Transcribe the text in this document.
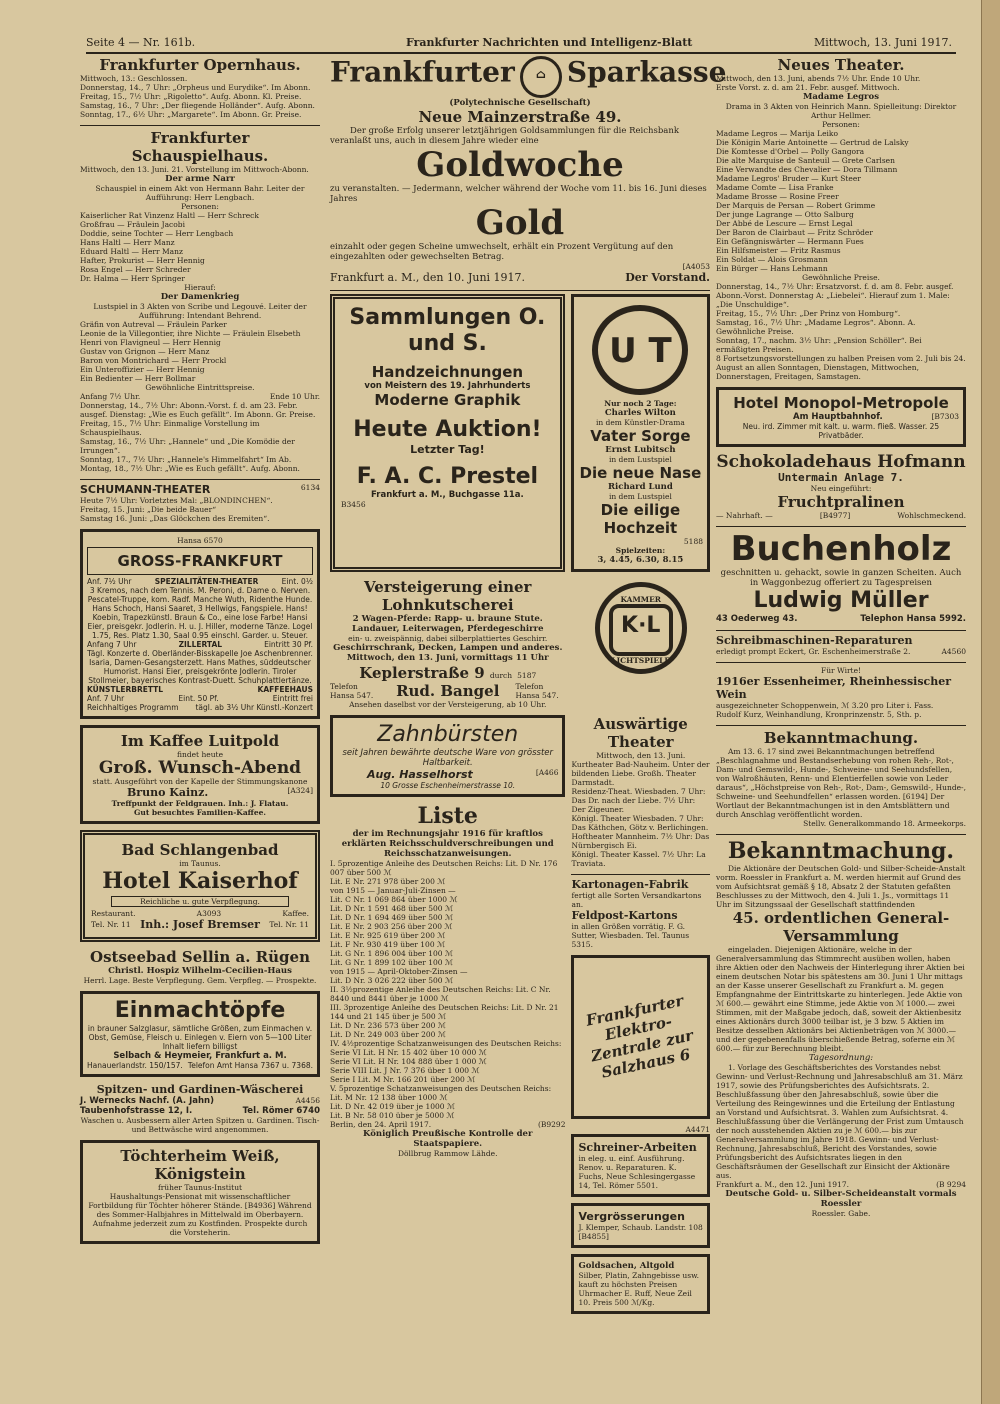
Seite 4 — Nr. 161b.	Frankfurter Nachrichten und Intelligenz-Blatt	Mittwoch, 13. Juni 1917.
Frankfurter Opernhaus.
Mittwoch, 13.: Geschlossen.
Donnerstag, 14., 7 Uhr: „Orpheus und Eurydike“. Im Abonn.
Freitag, 15., 7½ Uhr: „Rigoletto“. Aufg. Abonn. Kl. Preise.
Samstag, 16., 7 Uhr: „Der fliegende Holländer“. Aufg. Abonn.
Sonntag, 17., 6½ Uhr: „Margarete“. Im Abonn. Gr. Preise.
Frankfurter Schauspielhaus.
Mittwoch, den 13. Juni. 21. Vorstellung im Mittwoch-Abonn.
Der arme Narr
Schauspiel in einem Akt von Hermann Bahr. Leiter der Aufführung: Herr Lengbach.
Personen:
Kaiserlicher Rat Vinzenz Haltl — Herr Schreck
Großfrau — Fräulein Jacobi
Doddie, seine Tochter — Herr Lengbach
Hans Haltl — Herr Manz
Eduard Haltl — Herr Manz
Hafter, Prokurist — Herr Hennig
Rosa Engel — Herr Schreder
Dr. Halma — Herr Springer
Hierauf:
Der Damenkrieg
Lustspiel in 3 Akten von Scribe und Legouvé. Leiter der Aufführung: Intendant Behrend.
Gräfin von Autreval — Fräulein Parker
Leonie de la Villegontier, ihre Nichte — Fräulein Elsebeth
Henri von Flavigneul — Herr Hennig
Gustav von Grignon — Herr Manz
Baron von Montrichard — Herr Prockl
Ein Unteroffizier — Herr Hennig
Ein Bedienter — Herr Bollmar
Gewöhnliche Eintrittspreise.
Anfang 7½ Uhr.	Ende 10 Uhr.
Donnerstag, 14., 7½ Uhr: Abonn.-Vorst. f. d. am 23. Febr. ausgef. Dienstag: „Wie es Euch gefällt“. Im Abonn. Gr. Preise.
Freitag, 15., 7½ Uhr: Einmalige Vorstellung im Schauspielhaus.
Samstag, 16., 7½ Uhr: „Hannele“ und „Die Komödie der Irrungen“.
Sonntag, 17., 7½ Uhr: „Hannele's Himmelfahrt“ Im Ab.
Montag, 18., 7½ Uhr: „Wie es Euch gefällt“. Aufg. Abonn.
SCHUMANN-THEATER	6134
Heute 7½ Uhr: Vorletztes Mal: „BLONDINCHEN“.
Freitag, 15. Juni: „Die beide Bauer“
Samstag 16. Juni: „Das Glöckchen des Eremiten“.
Hansa 6570
GROSS-FRANKFURT
Anf. 7½ Uhr	SPEZIALITÄTEN-THEATER	Eint. 0½
3 Kremos, nach dem Tennis. M. Peroni, d. Dame o. Nerven. Pescatel-Truppe, kom. Radf. Manche Wuth, Ridenthe Hunde. Hans Schoch, Hansi Saaret, 3 Hellwigs, Fangspiele. Hans! Koebin, Trapezkünstl. Braun & Co., eine lose Farbe! Hansi Eier, preisgekr. Jodlerin. H. u. J. Hiller, moderne Tänze. Logel 1.75, Res. Platz 1.30, Saal 0.95 einschl. Garder. u. Steuer.
Anfang 7 Uhr	ZILLERTAL	Eintritt 30 Pf.
Tägl. Konzerte d. Oberländer-Bisskapelle Joe Aschenbrenner. Isaria, Damen-Gesangsterzett. Hans Mathes, süddeutscher Humorist. Hansi Eier, preisgekrönte Jodlerin. Tiroler Stollmeier, bayerisches Kontrast-Duett. Schuhplattlertänze.
KÜNSTLERBRETTL	KAFFEEHAUS
Anf. 7 Uhr	Eint. 50 Pf.	Eintritt frei
Reichhaltiges Programm tägl. ab 3½ Uhr Künstl.-Konzert
Im Kaffee Luitpold
findet heute
Groß. Wunsch-Abend
statt. Ausgeführt von der Kapelle der Stimmungskanone
Bruno Kainz.	[A324]
Treffpunkt der Feldgrauen. Inh.: J. Flatau.
Gut besuchtes Familien-Kaffee.
Bad Schlangenbad
im Taunus.
Hotel Kaiserhof
Reichliche u. gute Verpflegung.
Restaurant.	A3093	Kaffee.
Tel. Nr. 11 Inh.: Josef Bremser Tel. Nr. 11
Ostseebad Sellin a. Rügen
Christl. Hospiz Wilhelm-Cecilien-Haus
Herrl. Lage. Beste Verpflegung. Gem. Verpfleg. — Prospekte.
Einmachtöpfe
in brauner Salzglasur, sämtliche Größen, zum Einmachen v. Obst, Gemüse, Fleisch u. Einlegen v. Eiern von 5—100 Liter Inhalt liefern billigst
Selbach & Heymeier, Frankfurt a. M.
Hanauerlandstr. 150/157. Telefon Amt Hansa 7367 u. 7368.
Spitzen- und Gardinen-Wäscherei
J. Wernecks Nachf. (A. Jahn)	A4456
Taubenhofstrasse 12, I.	Tel. Römer 6740
Waschen u. Ausbessern aller Arten Spitzen u. Gardinen. Tisch- und Bettwäsche wird angenommen.
Töchterheim Weiß, Königstein
früher Taunus-Institut
Haushaltungs-Pensionat mit wissenschaftlicher Fortbildung für Töchter höherer Stände. [B4936] Während des Sommer-Halbjahres in Mittelwald im Oberbayern.
Aufnahme jederzeit zum zu Kostfinden. Prospekte durch die Vorsteherin.
Frankfurter ⌂ Sparkasse
(Polytechnische Gesellschaft)
Neue Mainzerstraße 49.
Der große Erfolg unserer letztjährigen Goldsammlungen für die Reichsbank veranlaßt uns, auch in diesem Jahre wieder eine
Goldwoche
zu veranstalten. — Jedermann, welcher während der Woche vom 11. bis 16. Juni dieses Jahres
Gold
einzahlt oder gegen Scheine umwechselt, erhält ein Prozent Vergütung auf den eingezahlten oder gewechselten Betrag.
[A4053
Frankfurt a. M., den 10. Juni 1917.	Der Vorstand.
Sammlungen O. und S.
Handzeichnungen
von Meistern des 19. Jahrhunderts
Moderne Graphik
Heute Auktion!
Letzter Tag!
F. A. C. Prestel
Frankfurt a. M., Buchgasse 11a.
B3456
U T
Nur noch 2 Tage:
Charles Wilton
in dem Künstler-Drama
Vater Sorge
Ernst Lubitsch
in dem Lustspiel
Die neue Nase
Richard Lund
in dem Lustspiel
Die eilige Hochzeit
5188
Spielzeiten:
3, 4.45, 6.30, 8.15
Versteigerung einer Lohnkutscherei
2 Wagen-Pferde: Rapp- u. braune Stute.
Landauer, Leiterwagen, Pferdegeschirre
ein- u. zweispännig, dabei silberplattiertes Geschirr.
Geschirrschrank, Decken, Lampen und anderes.
Mittwoch, den 13. Juni, vormittags 11 Uhr
Keplerstraße 9 durch 5187
Telefon Hansa 547.	Rud. Bangel Telefon Hansa 547.
Ansehen daselbst vor der Versteigerung, ab 10 Uhr.
KAMMER
K·L
LICHTSPIELE
Zahnbürsten
seit Jahren bewährte deutsche Ware von grösster Haltbarkeit.
Aug. Hasselhorst	[A466
10 Grosse Eschenheimerstrasse 10.
Liste
der im Rechnungsjahr 1916 für kraftlos erklärten Reichsschuldverschreibungen und Reichsschatzanweisungen.
I. 5prozentige Anleihe des Deutschen Reichs: Lit. D Nr. 176 007 über 500 ℳ
Lit. E Nr. 271 978 über 200 ℳ
von 1915 — Januar-Juli-Zinsen —
Lit. C Nr. 1 069 864 über 1000 ℳ
Lit. D Nr. 1 591 468 über 500 ℳ
Lit. D Nr. 1 694 469 über 500 ℳ
Lit. E Nr. 2 903 256 über 200 ℳ
Lit. E Nr. 925 619 über 200 ℳ
Lit. F Nr. 930 419 über 100 ℳ
Lit. G Nr. 1 896 004 über 100 ℳ
Lit. G Nr. 1 899 102 über 100 ℳ
von 1915 — April-Oktober-Zinsen —
Lit. D Nr. 3 026 222 über 500 ℳ
II. 3½prozentige Anleihe des Deutschen Reichs: Lit. C Nr. 8440 und 8441 über je 1000 ℳ
III. 3prozentige Anleihe des Deutschen Reichs: Lit. D Nr. 21 144 und 21 145 über je 500 ℳ
Lit. D Nr. 236 573 über 200 ℳ
Lit. D Nr. 249 003 über 200 ℳ
IV. 4½prozentige Schatzanweisungen des Deutschen Reichs: Serie VI Lit. H Nr. 15 402 über 10 000 ℳ
Serie VI Lit. H Nr. 104 888 über 1 000 ℳ
Serie VIII Lit. J Nr. 7 376 über 1 000 ℳ
Serie I Lit. M Nr. 166 201 über 200 ℳ
V. 5prozentige Schatzanweisungen des Deutschen Reichs: Lit. M Nr. 12 138 über 1000 ℳ
Lit. D Nr. 42 019 über je 1000 ℳ
Lit. B Nr. 58 010 über je 5000 ℳ
Berlin, den 24. April 1917.	(B9292
Königlich Preußische Kontrolle der Staatspapiere.
Döllbrug Rammow Lähde.
Auswärtige Theater
Mittwoch, den 13. Juni.
Kurtheater Bad-Nauheim. Unter der bildenden Liebe. Großh. Theater Darmstadt.
Residenz-Theat. Wiesbaden. 7 Uhr: Das Dr. nach der Liebe. 7½ Uhr: Der Zigeuner.
Königl. Theater Wiesbaden. 7 Uhr: Das Käthchen, Götz v. Berlichingen.
Hoftheater Mannheim. 7½ Uhr: Das Nürnbergisch Ei.
Königl. Theater Kassel. 7½ Uhr: La Traviata.
Kartonagen-Fabrik
fertigt alle Sorten Versandkartons an.
Feldpost-Kartons
in allen Größen vorrätig. F. G. Sutter, Wiesbaden. Tel. Taunus 5315.
Frankfurter Elektro-Zentrale zur Salzhaus 6
A4471
Schreiner-Arbeiten
in eleg. u. einf. Ausführung. Renov. u. Reparaturen. K. Fuchs, Neue Schlesingergasse 14, Tel. Römer 5501.
Vergrösserungen
J. Klemper, Schaub. Landstr. 108 [B4855]
Goldsachen, Altgold
Silber, Platin, Zahngebisse usw. kauft zu höchsten Preisen Uhrmacher E. Ruff, Neue Zeil 10. Preis 500 ℳ/Kg.
Neues Theater.
Mittwoch, den 13. Juni, abends 7½ Uhr. Ende 10 Uhr.
Erste Vorst. z. d. am 21. Febr. ausgef. Mittwoch.
Madame Legros
Drama in 3 Akten von Heinrich Mann. Spielleitung: Direktor Arthur Hellmer.
Personen:
Madame Legros — Marija Leiko
Die Königin Marie Antoinette — Gertrud de Lalsky
Die Komtesse d'Orbel — Polly Gangora
Die alte Marquise de Santeuil — Grete Carlsen
Eine Verwandte des Chevalier — Dora Tillmann
Madame Legros' Bruder — Kurt Steer
Madame Comte — Lisa Franke
Madame Brosse — Rosine Freer
Der Marquis de Persan — Robert Grimme
Der junge Lagrange — Otto Salburg
Der Abbé de Lescure — Ernst Legal
Der Baron de Clairbaut — Fritz Schröder
Ein Gefängniswärter — Hermann Fues
Ein Hilfsmeister — Fritz Rasmus
Ein Soldat — Alois Grosmann
Ein Bürger — Hans Lehmann
Gewöhnliche Preise.
Donnerstag, 14., 7½ Uhr: Ersatzvorst. f. d. am 8. Febr. ausgef. Abonn.-Vorst. Donnerstag A: „Liebelei“. Hierauf zum 1. Male: „Die Unschuldige“.
Freitag, 15., 7½ Uhr: „Der Prinz von Homburg“.
Samstag, 16., 7½ Uhr: „Madame Legros“. Abonn. A. Gewöhnliche Preise.
Sonntag, 17., nachm. 3½ Uhr: „Pension Schöller“. Bei ermäßigten Preisen.
8 Fortsetzungsvorstellungen zu halben Preisen vom 2. Juli bis 24. August an allen Sonntagen, Dienstagen, Mittwochen, Donnerstagen, Freitagen, Samstagen.
Hotel Monopol-Metropole
Am Hauptbahnhof.	[B7303
Neu. ird. Zimmer mit kalt. u. warm. fließ. Wasser. 25 Privatbäder.
Schokoladehaus Hofmann
Untermain Anlage 7.
Neu eingeführt:
Fruchtpralinen
— Nahrhaft. —	[B4977]	Wohlschmeckend.
Buchenholz
geschnitten u. gehackt, sowie in ganzen Scheiten. Auch in Waggonbezug offeriert zu Tagespreisen
Ludwig Müller
43 Oederweg 43.	Telephon Hansa 5992.
Schreibmaschinen-Reparaturen
erledigt prompt Eckert, Gr. Eschenheimerstraße 2.	A4560
Für Wirte!
1916er Essenheimer, Rheinhessischer Wein
ausgezeichneter Schoppenwein, ℳ 3.20 pro Liter i. Fass.
Rudolf Kurz, Weinhandlung, Kronprinzenstr. 5, Sth. p.
Bekanntmachung.
Am 13. 6. 17 sind zwei Bekanntmachungen betreffend „Beschlagnahme und Bestandserhebung von rohen Reh-, Rot-, Dam- und Gemswild-, Hunde-, Schweine- und Seehundsfellen, von Walroßhäuten, Renn- und Elentierfellen sowie von Leder daraus“, „Höchstpreise von Reh-, Rot-, Dam-, Gemswild-, Hunde-, Schweine- und Seehundfellen“ erlassen worden. [6194] Der Wortlaut der Bekanntmachungen ist in den Amtsblättern und durch Anschlag veröffentlicht worden.
Stellv. Generalkommando 18. Armeekorps.
Bekanntmachung.
Die Aktionäre der Deutschen Gold- und Silber-Scheide-Anstalt vorm. Roessler in Frankfurt a. M. werden hiermit auf Grund des vom Aufsichtsrat gemäß § 18, Absatz 2 der Statuten gefaßten Beschlusses zu der Mittwoch, den 4. Juli 1. Js., vormittags 11 Uhr im Sitzungssaal der Gesellschaft stattfindenden
45. ordentlichen General-Versammlung
eingeladen. Diejenigen Aktionäre, welche in der Generalversammlung das Stimmrecht ausüben wollen, haben ihre Aktien oder den Nachweis der Hinterlegung ihrer Aktien bei einem deutschen Notar bis spätestens am 30. Juni 1 Uhr mittags an der Kasse unserer Gesellschaft zu Frankfurt a. M. gegen Empfangnahme der Eintrittskarte zu hinterlegen. Jede Aktie von ℳ 600.— gewährt eine Stimme, jede Aktie von ℳ 1000.— zwei Stimmen, mit der Maßgabe jedoch, daß, soweit der Aktienbesitz eines Aktionärs durch 3000 teilbar ist, je 3 bzw. 5 Aktien im Besitze desselben Aktionärs bei Aktienbeträgen von ℳ 3000.— und der gegebenenfalls überschießende Betrag, soferne ein ℳ 600.— für zur Berechnung bleibt.
Tagesordnung:
1. Vorlage des Geschäftsberichtes des Vorstandes nebst Gewinn- und Verlust-Rechnung und Jahresabschluß am 31. März 1917, sowie des Prüfungsberichtes des Aufsichtsrats. 2. Beschlußfassung über den Jahresabschluß, sowie über die Verteilung des Reingewinnes und die Erteilung der Entlastung an Vorstand und Aufsichtsrat. 3. Wahlen zum Aufsichtsrat. 4. Beschlußfassung über die Verlängerung der Frist zum Umtausch der noch ausstehenden Aktien zu je ℳ 600.— bis zur Generalversammlung im Jahre 1918. Gewinn- und Verlust-Rechnung, Jahresabschluß, Bericht des Vorstandes, sowie Prüfungsbericht des Aufsichtsrates liegen in den Geschäftsräumen der Gesellschaft zur Einsicht der Aktionäre aus.
Frankfurt a. M., den 12. Juni 1917.	(B 9294
Deutsche Gold- u. Silber-Scheideanstalt vormals Roessler
Roessler. Gabe.
